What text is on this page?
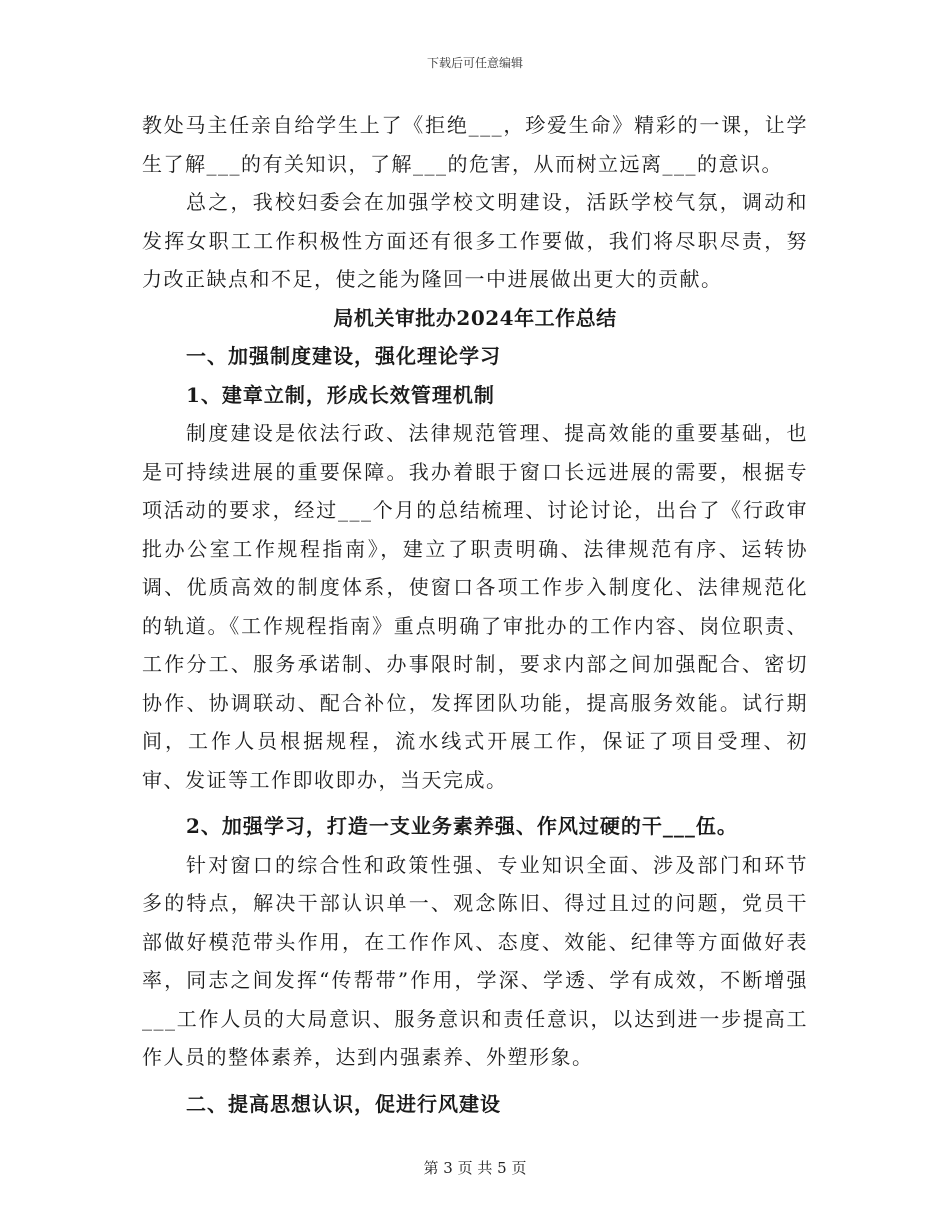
下载后可任意编辑

教处马主任亲自给学生上了《拒绝___，珍爱生命》精彩的一课，让学生了解___的有关知识，了解___的危害，从而树立远离___的意识。

总之，我校妇委会在加强学校文明建设，活跃学校气氛，调动和发挥女职工工作积极性方面还有很多工作要做，我们将尽职尽责，努力改正缺点和不足，使之能为隆回一中进展做出更大的贡献。

局机关审批办2024年工作总结

一、加强制度建设，强化理论学习

1、建章立制，形成长效管理机制

制度建设是依法行政、法律规范管理、提高效能的重要基础，也是可持续进展的重要保障。我办着眼于窗口长远进展的需要，根据专项活动的要求，经过___个月的总结梳理、讨论讨论，出台了《行政审批办公室工作规程指南》，建立了职责明确、法律规范有序、运转协调、优质高效的制度体系，使窗口各项工作步入制度化、法律规范化的轨道。《工作规程指南》重点明确了审批办的工作内容、岗位职责、工作分工、服务承诺制、办事限时制，要求内部之间加强配合、密切协作、协调联动、配合补位，发挥团队功能，提高服务效能。试行期间，工作人员根据规程，流水线式开展工作，保证了项目受理、初审、发证等工作即收即办，当天完成。

2、加强学习，打造一支业务素养强、作风过硬的干___伍。

针对窗口的综合性和政策性强、专业知识全面、涉及部门和环节多的特点，解决干部认识单一、观念陈旧、得过且过的问题，党员干部做好模范带头作用，在工作作风、态度、效能、纪律等方面做好表率，同志之间发挥“传帮带”作用，学深、学透、学有成效，不断增强___工作人员的大局意识、服务意识和责任意识，以达到进一步提高工作人员的整体素养，达到内强素养、外塑形象。

二、提高思想认识，促进行风建设

第 3 页 共 5 页
